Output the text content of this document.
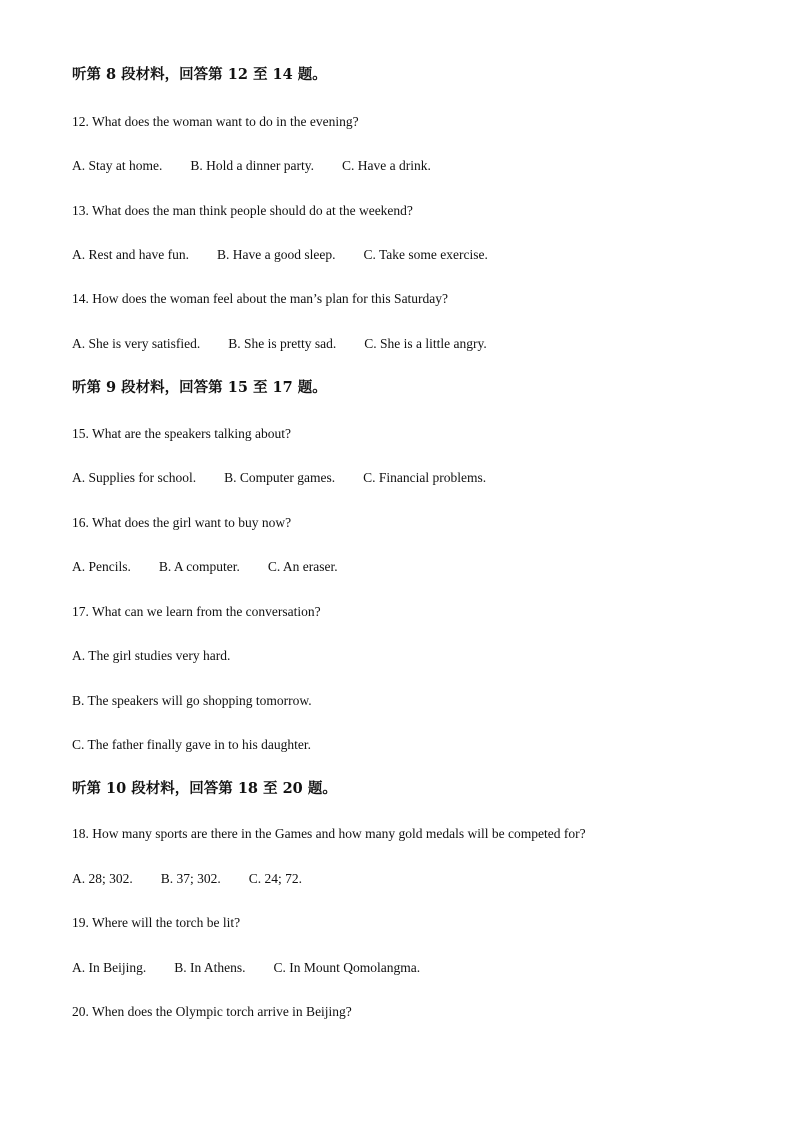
听第 8 段材料，回答第 12 至 14 题。
12. What does the woman want to do in the evening?
A. Stay at home. B. Hold a dinner party. C. Have a drink.
13. What does the man think people should do at the weekend?
A. Rest and have fun. B. Have a good sleep. C. Take some exercise.
14. How does the woman feel about the man’s plan for this Saturday?
A. She is very satisfied. B. She is pretty sad. C. She is a little angry.
听第 9 段材料，回答第 15 至 17 题。
15. What are the speakers talking about?
A. Supplies for school. B. Computer games. C. Financial problems.
16. What does the girl want to buy now?
A. Pencils. B. A computer. C. An eraser.
17. What can we learn from the conversation?
A. The girl studies very hard.
B. The speakers will go shopping tomorrow.
C. The father finally gave in to his daughter.
听第 10 段材料，回答第 18 至 20 题。
18. How many sports are there in the Games and how many gold medals will be competed for?
A. 28; 302. B. 37; 302. C. 24; 72.
19. Where will the torch be lit?
A. In Beijing. B. In Athens. C. In Mount Qomolangma.
20. When does the Olympic torch arrive in Beijing?
